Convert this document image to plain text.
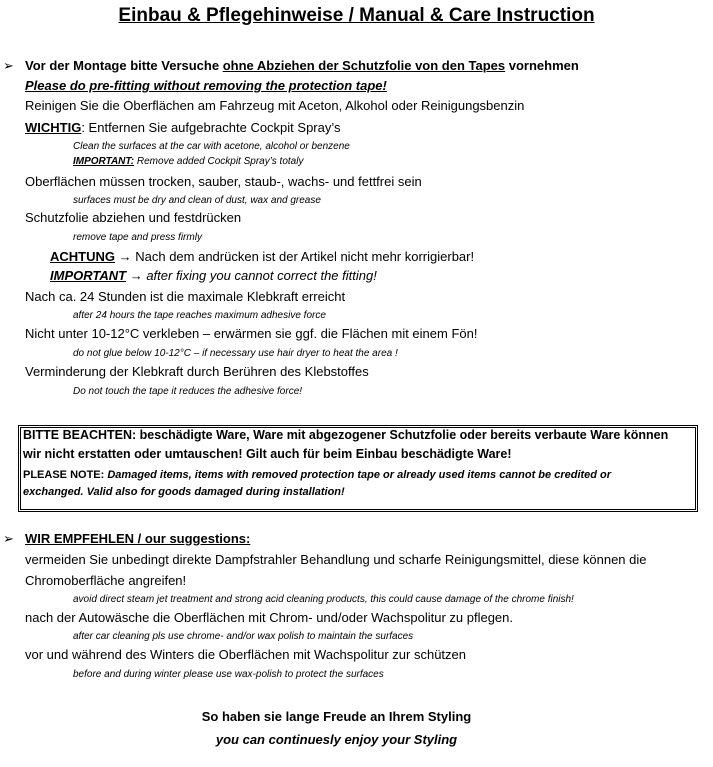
Einbau & Pflegehinweise / Manual & Care Instruction
➢ Vor der Montage bitte Versuche ohne Abziehen der Schutzfolie von den Tapes vornehmen
Please do pre-fitting without removing the protection tape!
Reinigen Sie die Oberflächen am Fahrzeug mit Aceton, Alkohol oder Reinigungsbenzin
WICHTIG: Entfernen Sie aufgebrachte Cockpit Spray’s
Clean the surfaces at the car with acetone, alcohol or benzene
IMPORTANT: Remove added Cockpit Spray’s totaly
Oberflächen müssen trocken, sauber, staub-, wachs- und fettfrei sein
surfaces must be dry and clean of dust, wax and grease
Schutzfolie abziehen und festdrücken
remove tape and press firmly
ACHTUNG → Nach dem andrücken ist der Artikel nicht mehr korrigierbar!
IMPORTANT → after fixing you cannot correct the fitting!
Nach ca. 24 Stunden ist die maximale Klebkraft erreicht
after 24 hours the tape reaches maximum adhesive force
Nicht unter 10-12°C verkleben – erwärmen sie ggf. die Flächen mit einem Fön!
do not glue below 10-12°C – if necessary use hair dryer to heat the area !
Verminderung der Klebkraft durch Berühren des Klebstoffes
Do not touch the tape it reduces the adhesive force!
BITTE BEACHTEN: beschädigte Ware, Ware mit abgezogener Schutzfolie oder bereits verbaute Ware können
wir nicht erstatten oder umtauschen! Gilt auch für beim Einbau beschädigte Ware!
PLEASE NOTE: Damaged items, items with removed protection tape or already used items cannot be credited or
exchanged. Valid also for goods damaged during installation!
➢ WIR EMPFEHLEN / our suggestions:
vermeiden Sie unbedingt direkte Dampfstrahler Behandlung und scharfe Reinigungsmittel, diese können die
Chromoberfläche angreifen!
avoid direct steam jet treatment and strong acid cleaning products, this could cause damage of the chrome finish!
nach der Autowäsche die Oberflächen mit Chrom- und/oder Wachspolitur zu pflegen.
after car cleaning pls use chrome- and/or wax polish to maintain the surfaces
vor und während des Winters die Oberflächen mit Wachspolitur zur schützen
before and during winter please use wax-polish to protect the surfaces
So haben sie lange Freude an Ihrem Styling
you can continuesly enjoy your Styling
